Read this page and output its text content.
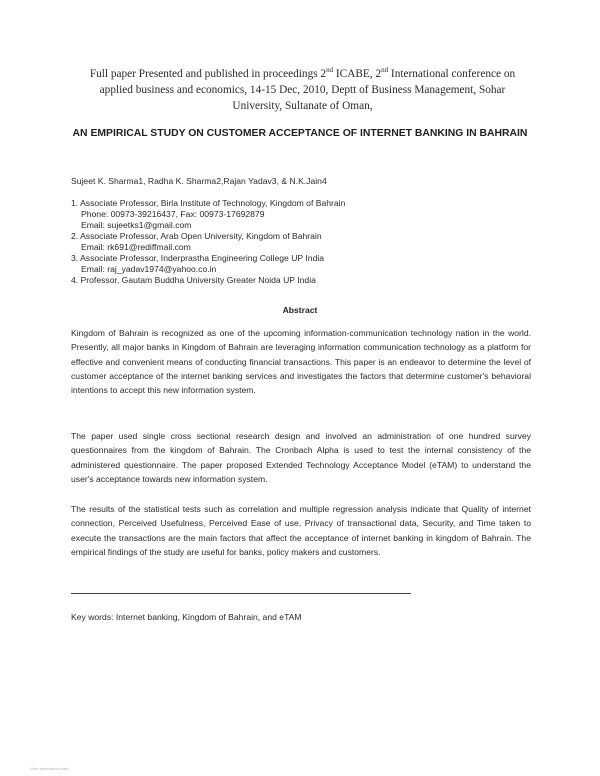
Full paper Presented and published in proceedings 2nd ICABE, 2nd International conference on applied business and economics, 14-15 Dec, 2010, Deptt of Business Management, Sohar University, Sultanate of Oman,
AN EMPIRICAL STUDY ON CUSTOMER ACCEPTANCE OF INTERNET BANKING IN BAHRAIN
Sujeet K. Sharma1, Radha K. Sharma2,Rajan Yadav3, & N.K.Jain4
1. Associate Professor, Birla Institute of Technology, Kingdom of Bahrain
Phone: 00973-39216437, Fax: 00973-17692879
Email: sujeetks1@gmail.com
2. Associate Professor, Arab Open University, Kingdom of Bahrain
Email: rk691@rediffmail.com
3. Associate Professor, Inderprastha Engineering College UP India
Email: raj_yadav1974@yahoo.co.in
4. Professor, Gautam Buddha University Greater Noida UP India
Abstract
Kingdom of Bahrain is recognized as one of the upcoming information-communication technology nation in the world. Presently, all major banks in Kingdom of Bahrain are leveraging information communication technology as a platform for effective and convenient means of conducting financial transactions. This paper is an endeavor to determine the level of customer acceptance of the internet banking services and investigates the factors that determine customer's behavioral intentions to accept this new information system.
The paper used single cross sectional research design and involved an administration of one hundred survey questionnaires from the kingdom of Bahrain. The Cronbach Alpha is used to test the internal consistency of the administered questionnaire. The paper proposed Extended Technology Acceptance Model (eTAM) to understand the user's acceptance towards new information system.
The results of the statistical tests such as correlation and multiple regression analysis indicate that Quality of internet connection, Perceived Usefulness, Perceived Ease of use, Privacy of transactional data, Security, and Time taken to execute the transactions are the main factors that affect the acceptance of internet banking in kingdom of Bahrain. The empirical findings of the study are useful for banks, policy makers and customers.
Key words: Internet banking, Kingdom of Bahrain, and eTAM
View publication stats
